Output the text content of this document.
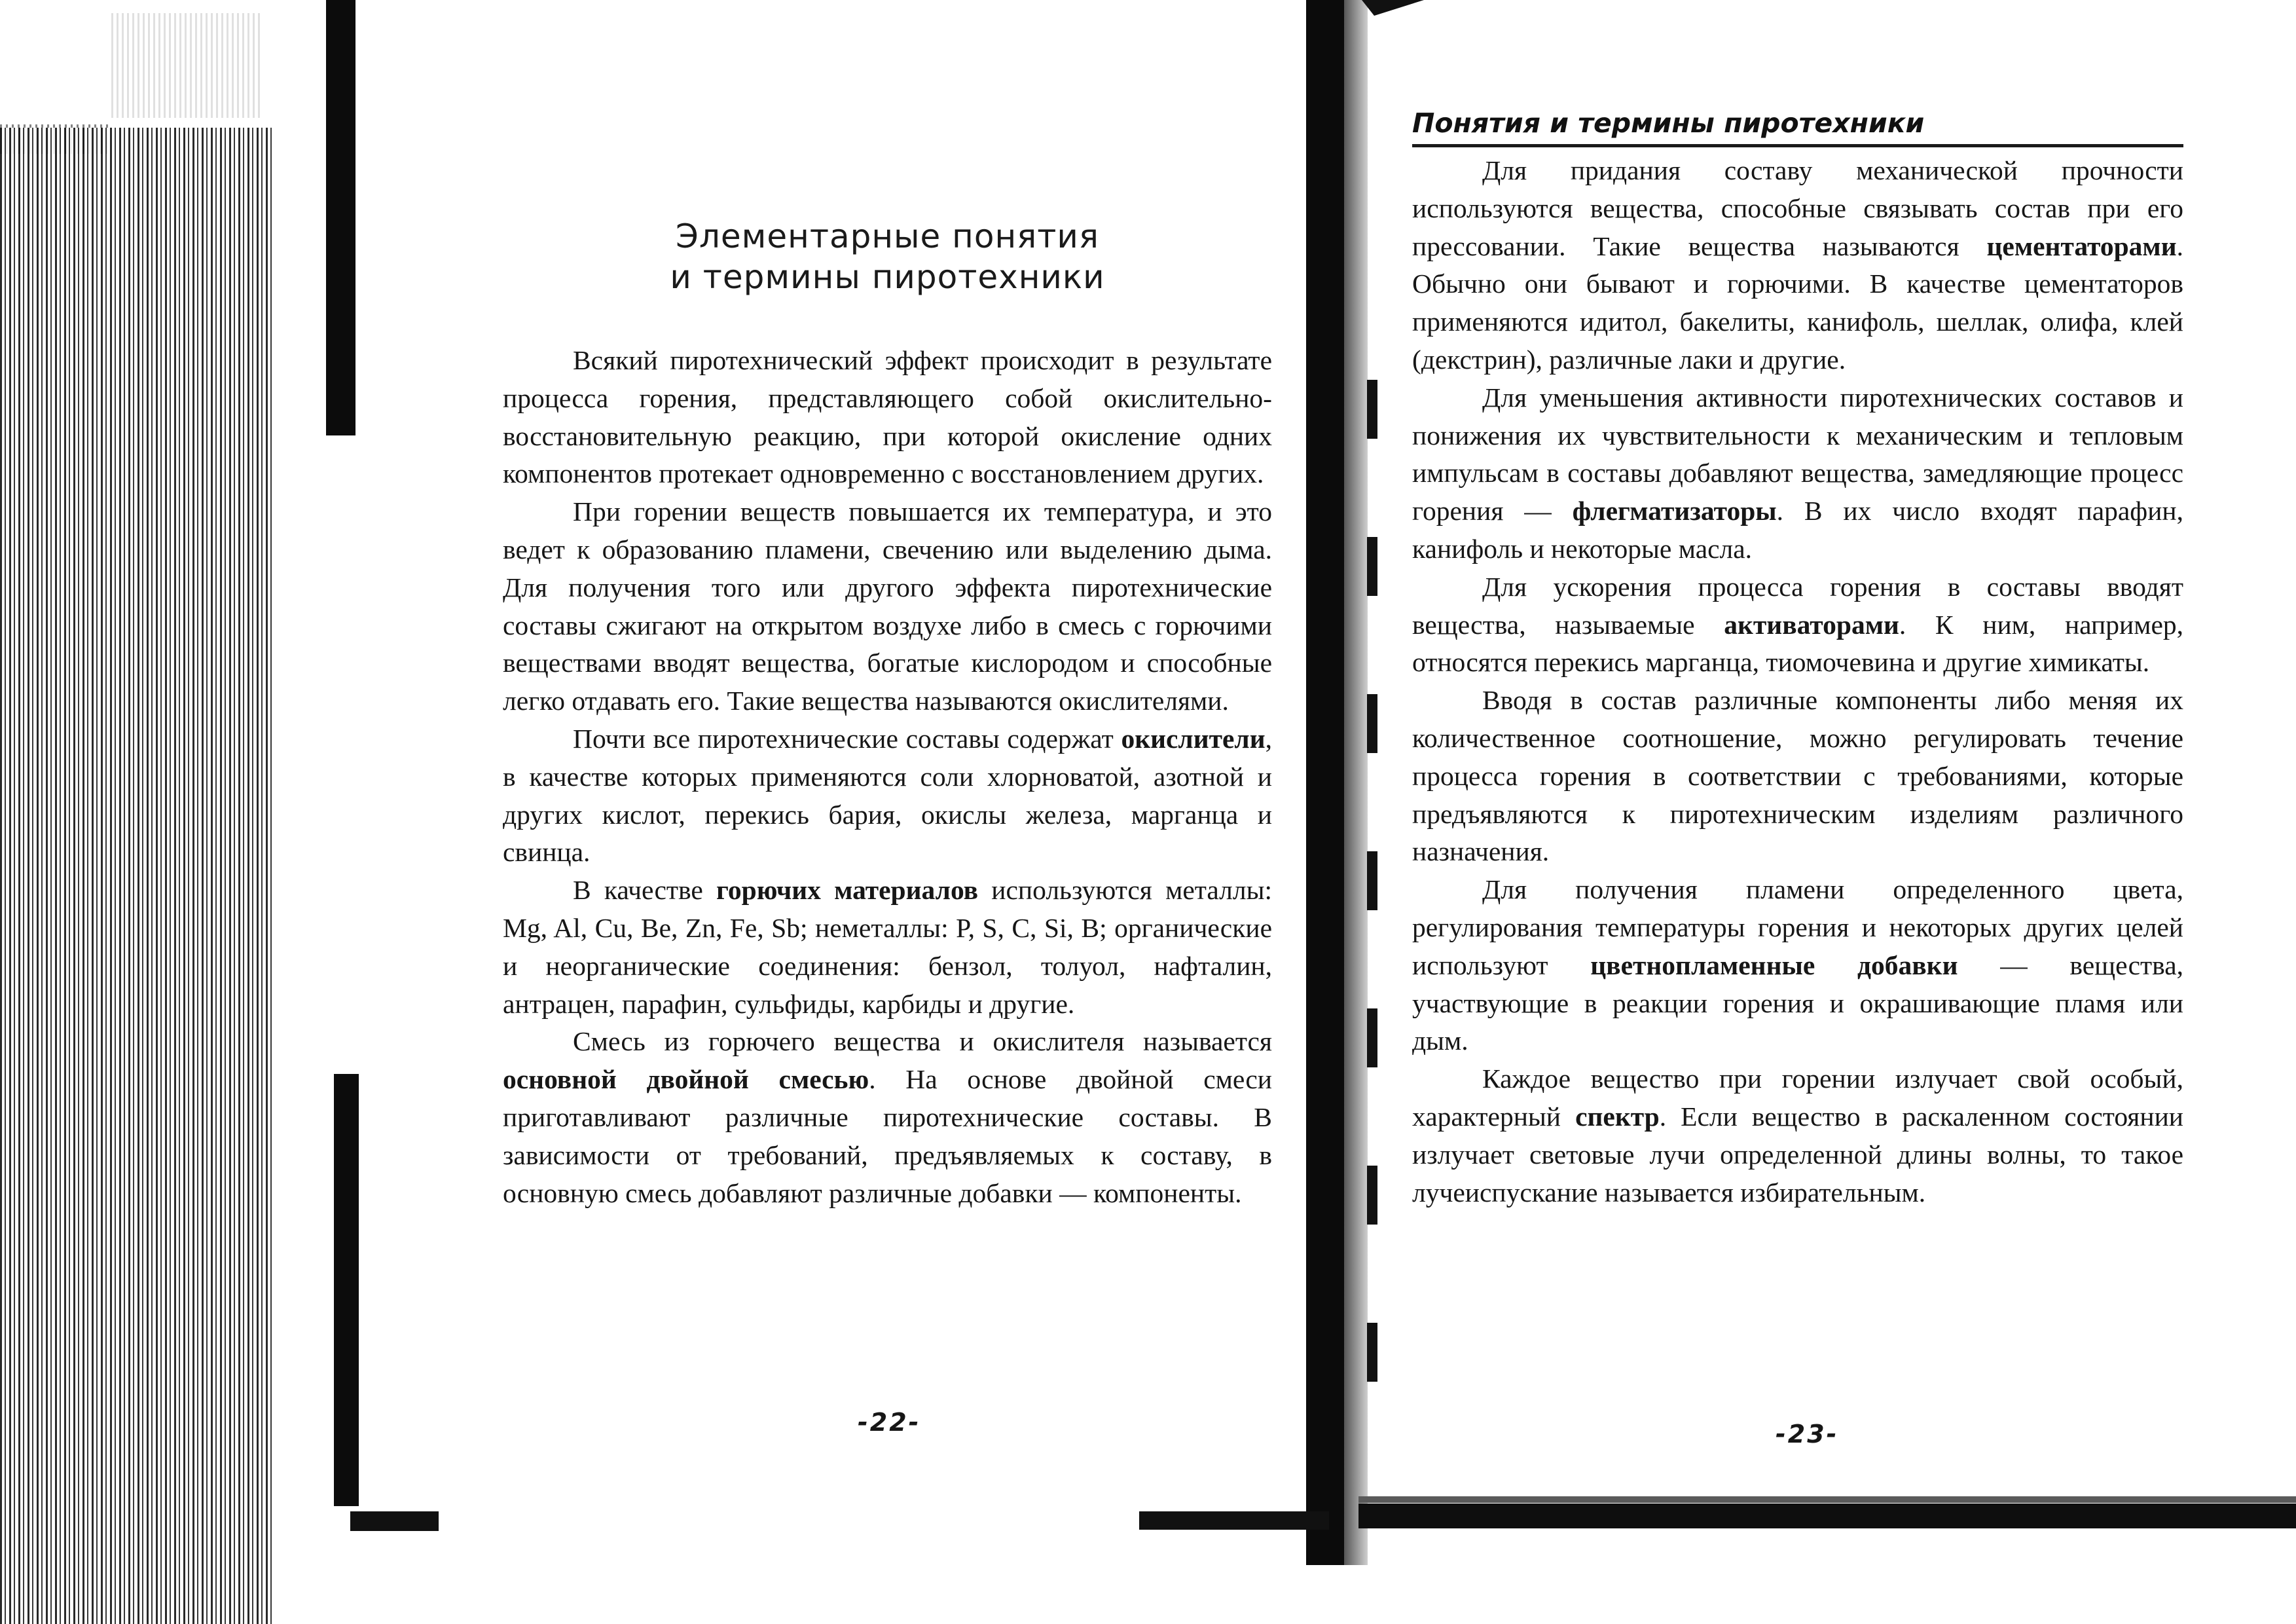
Элементарные понятия
и термины пиротехники

Всякий пиротехнический эффект происходит в результате процесса горения, представляющего собой окислительно-восстановительную реакцию, при которой окисление одних компонентов протекает одновременно с восстановлением других.

При горении веществ повышается их температура, и это ведет к образованию пламени, свечению или выделению дыма. Для получения того или другого эффекта пиротехнические составы сжигают на открытом воздухе либо в смесь с горючими веществами вводят вещества, богатые кислородом и способные легко отдавать его. Такие вещества называются окислителями.

Почти все пиротехнические составы содержат окислители, в качестве которых применяются соли хлорноватой, азотной и других кислот, перекись бария, окислы железа, марганца и свинца.

В качестве горючих материалов используются металлы: Mg, Al, Cu, Be, Zn, Fe, Sb; неметаллы: P, S, C, Si, B; органические и неорганические соединения: бензол, толуол, нафталин, антрацен, парафин, сульфиды, карбиды и другие.

Смесь из горючего вещества и окислителя называется основной двойной смесью. На основе двойной смеси приготавливают различные пиротехнические составы. В зависимости от требований, предъявляемых к составу, в основную смесь добавляют различные добавки — компоненты.

-22-
Понятия и термины пиротехники

Для придания составу механической прочности используются вещества, способные связывать состав при его прессовании. Такие вещества называются цементаторами. Обычно они бывают и горючими. В качестве цементаторов применяются идитол, бакелиты, канифоль, шеллак, олифа, клей (декстрин), различные лаки и другие.

Для уменьшения активности пиротехнических составов и понижения их чувствительности к механическим и тепловым импульсам в составы добавляют вещества, замедляющие процесс горения — флегматизаторы. В их число входят парафин, канифоль и некоторые масла.

Для ускорения процесса горения в составы вводят вещества, называемые активаторами. К ним, например, относятся перекись марганца, тиомочевина и другие химикаты.

Вводя в состав различные компоненты либо меняя их количественное соотношение, можно регулировать течение процесса горения в соответствии с требованиями, которые предъявляются к пиротехническим изделиям различного назначения.

Для получения пламени определенного цвета, регулирования температуры горения и некоторых других целей используют цветнопламенные добавки — вещества, участвующие в реакции горения и окрашивающие пламя или дым.

Каждое вещество при горении излучает свой особый, характерный спектр. Если вещество в раскаленном состоянии излучает световые лучи определенной длины волны, то такое лучеиспускание называется избирательным.

-23-
